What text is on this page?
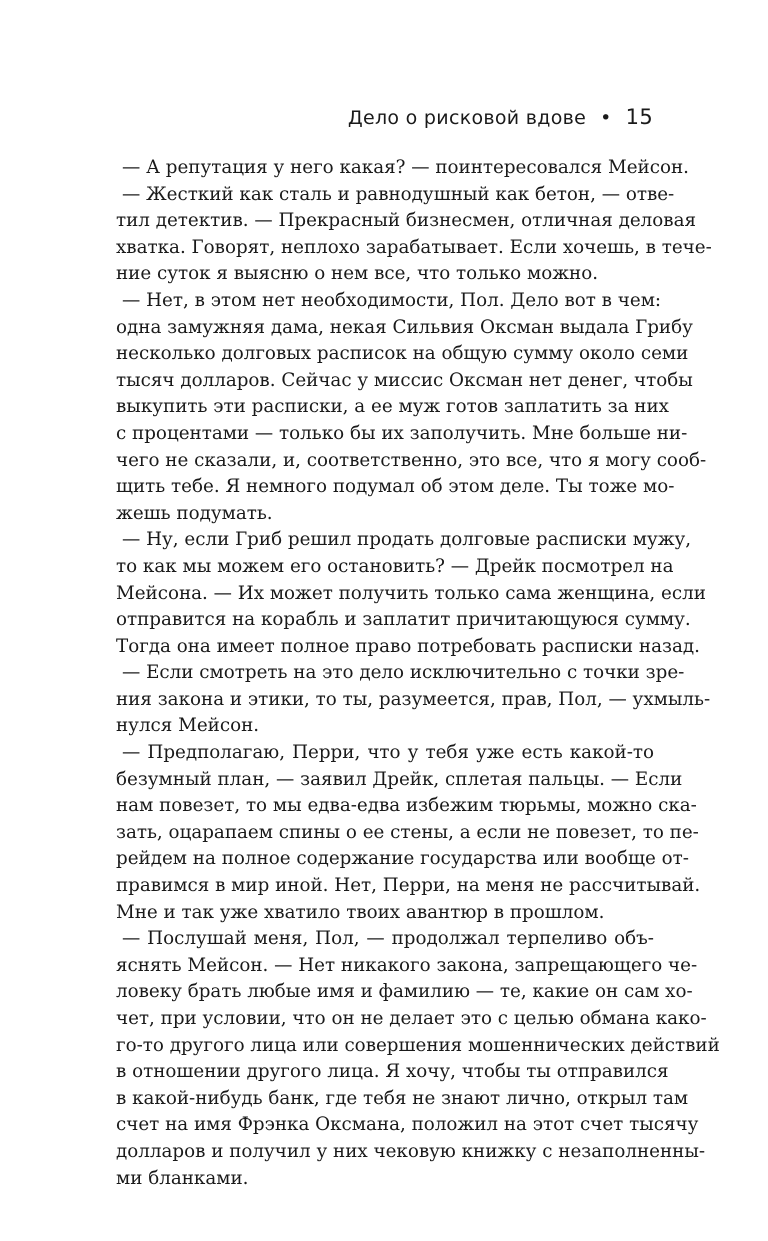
Дело о рисковой вдове • 15
— А репутация у него какая? — поинтересовался Мейсон.
— Жесткий как сталь и равнодушный как бетон, — отве-
тил детектив. — Прекрасный бизнесмен, отличная деловая
хватка. Говорят, неплохо зарабатывает. Если хочешь, в тече-
ние суток я выясню о нем все, что только можно.
— Нет, в этом нет необходимости, Пол. Дело вот в чем:
одна замужняя дама, некая Сильвия Оксман выдала Грибу
несколько долговых расписок на общую сумму около семи
тысяч долларов. Сейчас у миссис Оксман нет денег, чтобы
выкупить эти расписки, а ее муж готов заплатить за них
с процентами — только бы их заполучить. Мне больше ни-
чего не сказали, и, соответственно, это все, что я могу сооб-
щить тебе. Я немного подумал об этом деле. Ты тоже мо-
жешь подумать.
— Ну, если Гриб решил продать долговые расписки мужу,
то как мы можем его остановить? — Дрейк посмотрел на
Мейсона. — Их может получить только сама женщина, если
отправится на корабль и заплатит причитающуюся сумму.
Тогда она имеет полное право потребовать расписки назад.
— Если смотреть на это дело исключительно с точки зре-
ния закона и этики, то ты, разумеется, прав, Пол, — ухмыль-
нулся Мейсон.
— Предполагаю, Перри, что у тебя уже есть какой-то
безумный план, — заявил Дрейк, сплетая пальцы. — Если
нам повезет, то мы едва-едва избежим тюрьмы, можно ска-
зать, оцарапаем спины о ее стены, а если не повезет, то пе-
рейдем на полное содержание государства или вообще от-
правимся в мир иной. Нет, Перри, на меня не рассчитывай.
Мне и так уже хватило твоих авантюр в прошлом.
— Послушай меня, Пол, — продолжал терпеливо объ-
яснять Мейсон. — Нет никакого закона, запрещающего че-
ловеку брать любые имя и фамилию — те, какие он сам хо-
чет, при условии, что он не делает это с целью обмана како-
го-то другого лица или совершения мошеннических действий
в отношении другого лица. Я хочу, чтобы ты отправился
в какой-нибудь банк, где тебя не знают лично, открыл там
счет на имя Фрэнка Оксмана, положил на этот счет тысячу
долларов и получил у них чековую книжку с незаполненны-
ми бланками.
